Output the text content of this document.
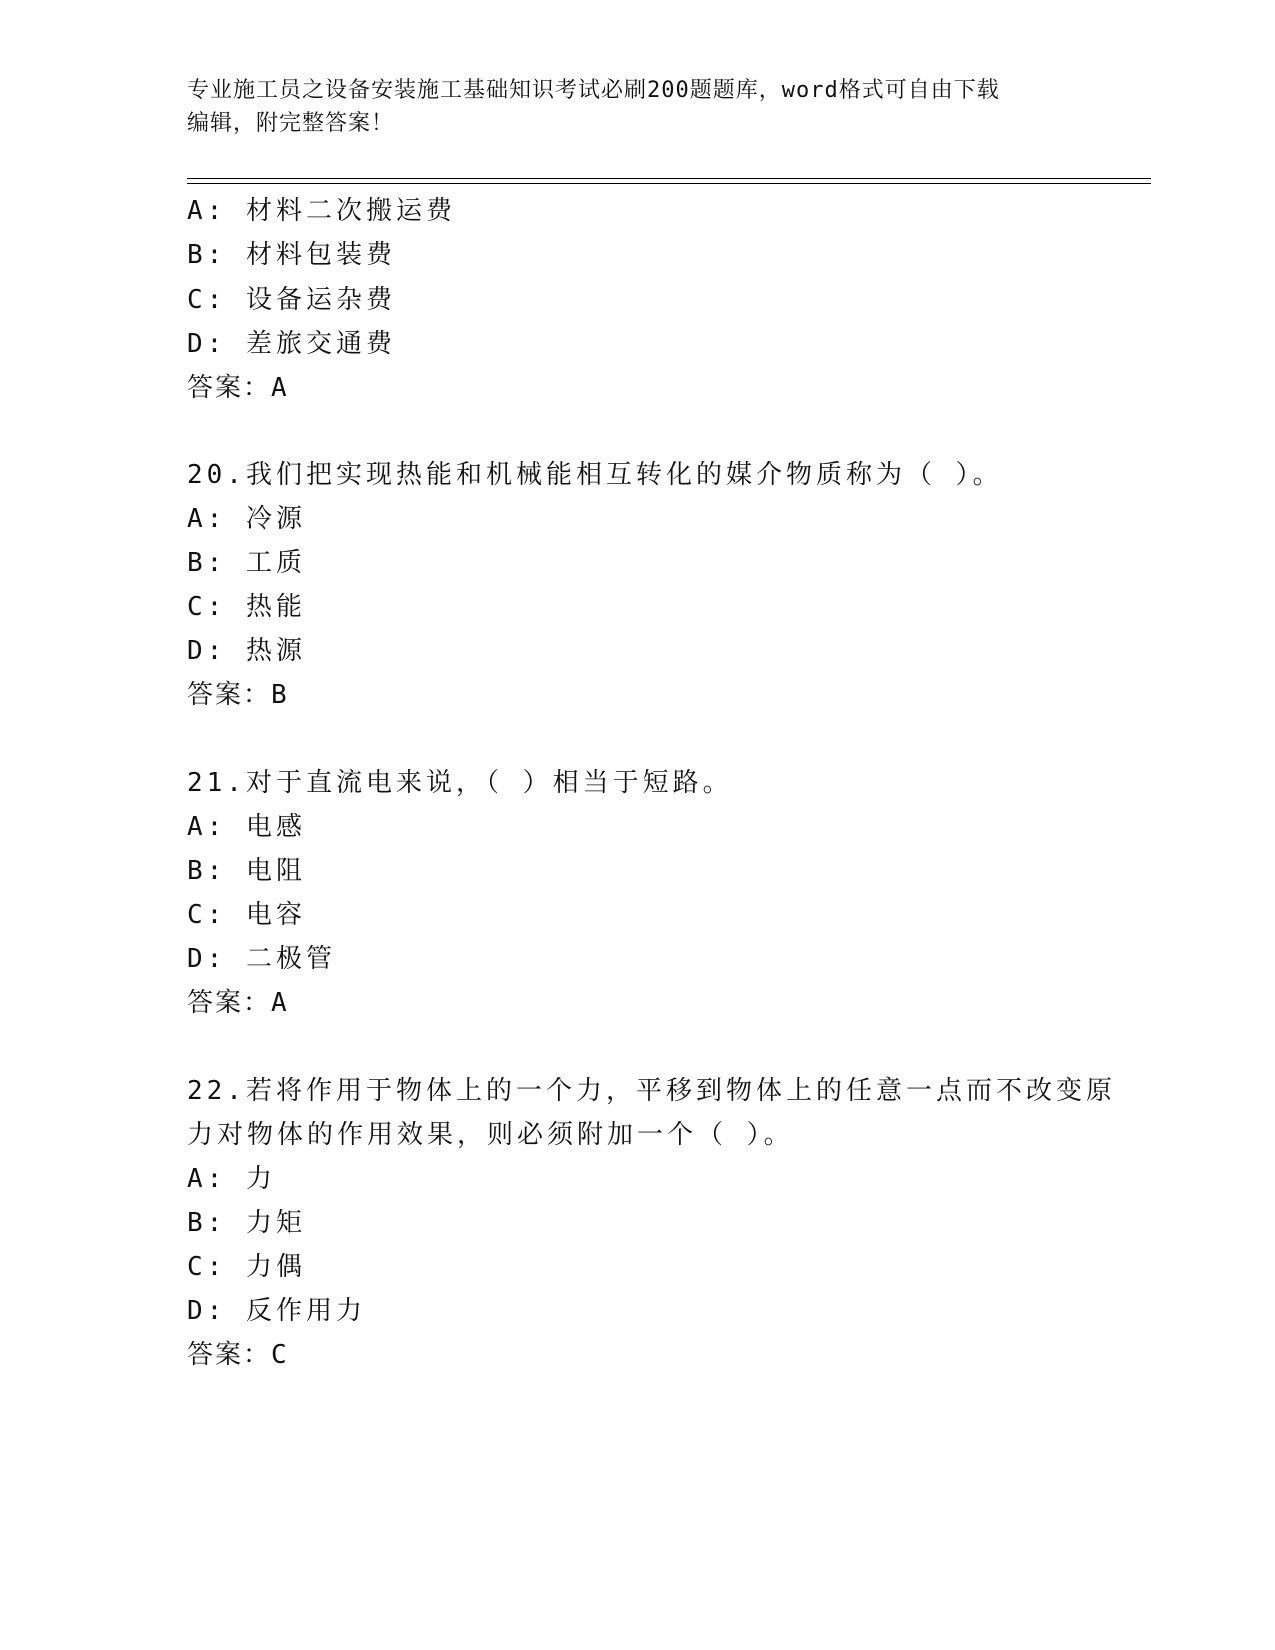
专业施工员之设备安装施工基础知识考试必刷200题题库，word格式可自由下载
编辑，附完整答案！
A: 材料二次搬运费
B: 材料包装费
C: 设备运杂费
D: 差旅交通费
答案：A
20.我们把实现热能和机械能相互转化的媒介物质称为（ ）。
A: 冷源
B: 工质
C: 热能
D: 热源
答案：B
21.对于直流电来说，（ ）相当于短路。
A: 电感
B: 电阻
C: 电容
D: 二极管
答案：A
22.若将作用于物体上的一个力，平移到物体上的任意一点而不改变原
力对物体的作用效果，则必须附加一个（ ）。
A: 力
B: 力矩
C: 力偶
D: 反作用力
答案：C
